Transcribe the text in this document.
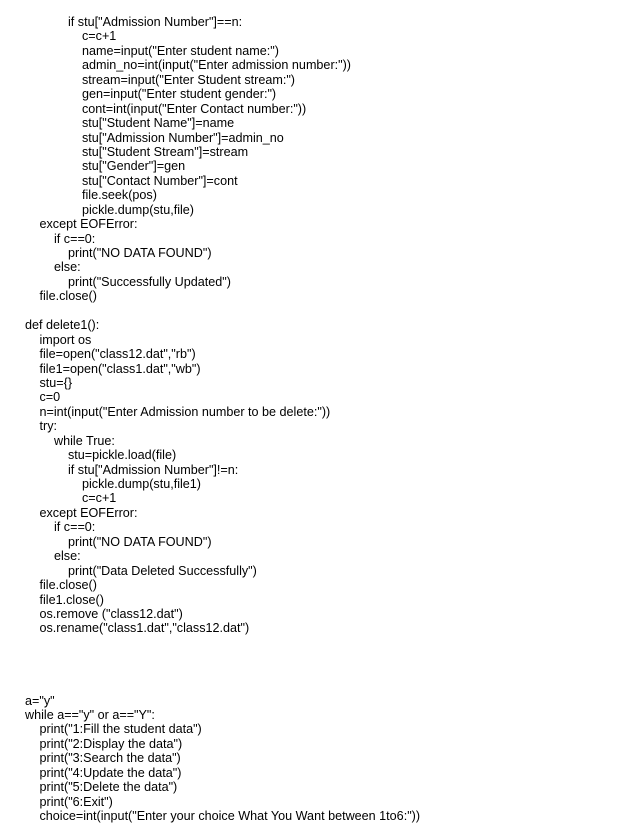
if stu["Admission Number"]==n:
c=c+1
name=input("Enter student name:")
admin_no=int(input("Enter admission number:"))
stream=input("Enter Student stream:")
gen=input("Enter student gender:")
cont=int(input("Enter Contact number:"))
stu["Student Name"]=name
stu["Admission Number"]=admin_no
stu["Student Stream"]=stream
stu["Gender"]=gen
stu["Contact Number"]=cont
file.seek(pos)
pickle.dump(stu,file)
except EOFError:
if c==0:
print("NO DATA FOUND")
else:
print("Successfully Updated")
file.close()
def delete1():
import os
file=open("class12.dat","rb")
file1=open("class1.dat","wb")
stu={}
c=0
n=int(input("Enter Admission number to be delete:"))
try:
while True:
stu=pickle.load(file)
if stu["Admission Number"]!=n:
pickle.dump(stu,file1)
c=c+1
except EOFError:
if c==0:
print("NO DATA FOUND")
else:
print("Data Deleted Successfully")
file.close()
file1.close()
os.remove ("class12.dat")
os.rename("class1.dat","class12.dat")
a="y"
while a=="y" or a=="Y":
print("1:Fill the student data")
print("2:Display the data")
print("3:Search the data")
print("4:Update the data")
print("5:Delete the data")
print("6:Exit")
choice=int(input("Enter your choice What You Want between 1to6:"))
